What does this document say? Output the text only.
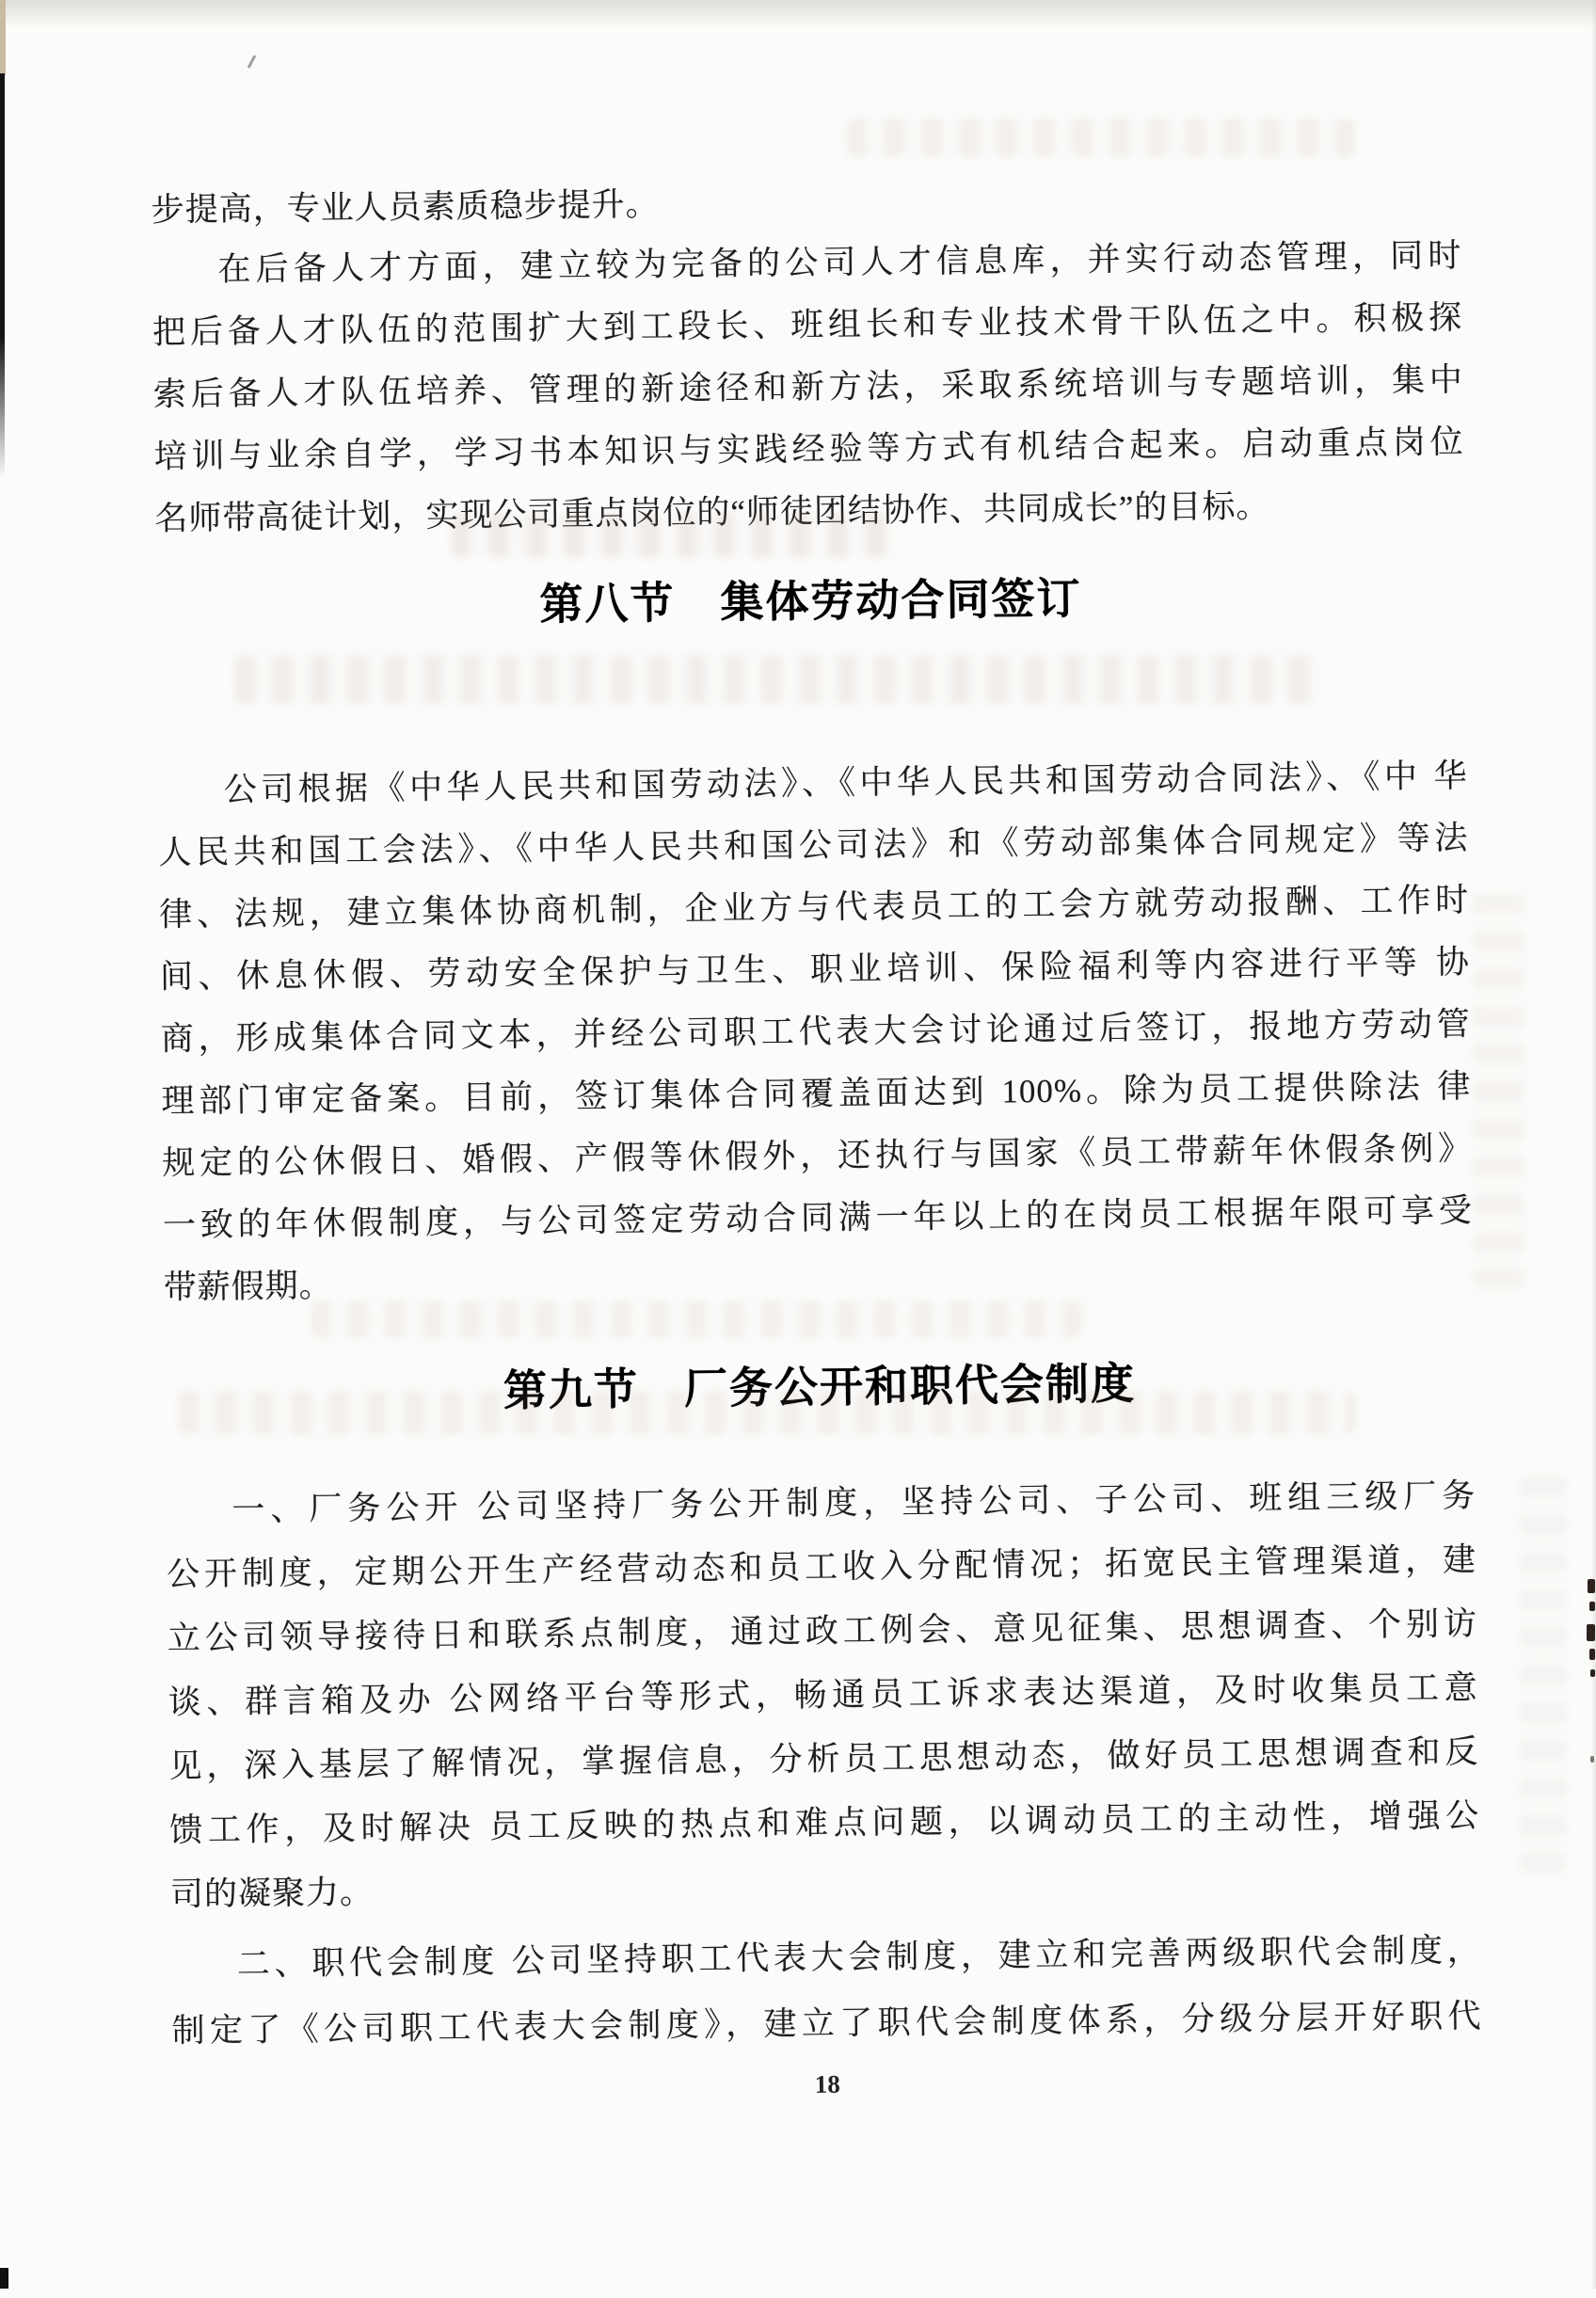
步提高，专业人员素质稳步提升。
在后备人才方面，建立较为完备的公司人才信息库，并实行动态管理，同时
把后备人才队伍的范围扩大到工段长、班组长和专业技术骨干队伍之中。积极探
索后备人才队伍培养、管理的新途径和新方法，采取系统培训与专题培训，集中
培训与业余自学，学习书本知识与实践经验等方式有机结合起来。启动重点岗位
名师带高徒计划，实现公司重点岗位的“师徒团结协作、共同成长”的目标。
第八节　集体劳动合同签订
公司根据《中华人民共和国劳动法》、《中华人民共和国劳动合同法》、《中 华
人民共和国工会法》、《中华人民共和国公司法》和《劳动部集体合同规定》等法
律、法规，建立集体协商机制，企业方与代表员工的工会方就劳动报酬、工作时
间、休息休假、劳动安全保护与卫生、职业培训、保险福利等内容进行平等 协
商，形成集体合同文本，并经公司职工代表大会讨论通过后签订，报地方劳动管
理部门审定备案。目前，签订集体合同覆盖面达到 100%。除为员工提供除法 律
规定的公休假日、婚假、产假等休假外，还执行与国家《员工带薪年休假条例》
一致的年休假制度，与公司签定劳动合同满一年以上的在岗员工根据年限可享受
带薪假期。
第九节　厂务公开和职代会制度
一、厂务公开 公司坚持厂务公开制度，坚持公司、子公司、班组三级厂务
公开制度，定期公开生产经营动态和员工收入分配情况；拓宽民主管理渠道，建
立公司领导接待日和联系点制度，通过政工例会、意见征集、思想调查、个别访
谈、群言箱及办 公网络平台等形式，畅通员工诉求表达渠道，及时收集员工意
见，深入基层了解情况，掌握信息，分析员工思想动态，做好员工思想调查和反
馈工作，及时解决 员工反映的热点和难点问题，以调动员工的主动性，增强公
司的凝聚力。
二、职代会制度 公司坚持职工代表大会制度，建立和完善两级职代会制度，
制定了《公司职工代表大会制度》，建立了职代会制度体系，分级分层开好职代
18
